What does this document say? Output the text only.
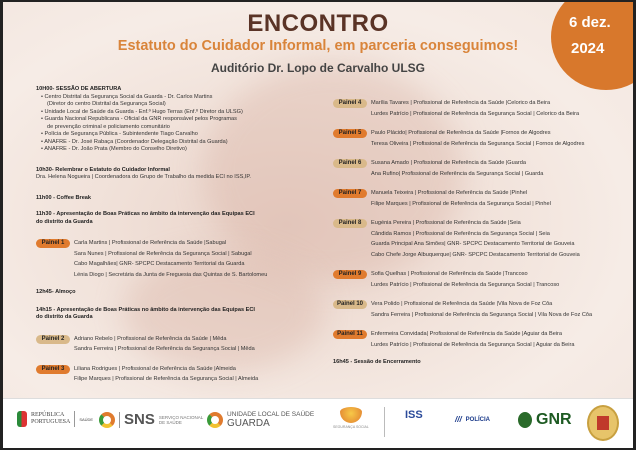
ENCONTRO
Estatuto do Cuidador Informal, em parceria conseguimos!
Auditório Dr. Lopo de Carvalho ULSG
6 dez.
2024
10H00- SESSÃO DE ABERTURA
• Centro Distrital da Segurança Social da Guarda - Dr. Carlos Martins
(Diretor do centro Distrital da Segurança Social)
• Unidade Local de Saúde da Guarda - Enf.º Hugo Terras (Enf.º Diretor da ULSG)
• Guarda Nacional Republicana - Oficial da GNR responsável pelos Programas
de prevenção criminal e policiamento comunitário
• Polícia de Segurança Pública - Subintendente Tiago Carvalho
• ANAFRE - Dr. José Rabaça (Coordenador Delegação Distrital da Guarda)
• ANAFRE - Dr. João Prata (Membro do Conselho Diretivo)
10h30- Relembrar o Estatuto do Cuidador Informal
Dra. Helena Nogueira | Coordenadora do Grupo de Trabalho da medida ECI no ISS,IP.
11h00 - Coffee Break
11h30 - Apresentação de Boas Práticas no âmbito da intervenção das Equipas ECI
do distrito da Guarda
Painel 1	Carla Martins | Profissional de Referência da Saúde |Sabugal
Sara Nunes | Profissional de Referência da Segurança Social | Sabugal
Cabo Magalhães| GNR- SPCPC Destacamento Territorial da Guarda
Lénia Diogo | Secretária da Junta de Freguesia das Quintas de S. Bartolomeu
12h45- Almoço
14h15 - Apresentação de Boas Práticas no âmbito da intervenção das Equipas ECI
do distrito da Guarda
Painel 2	Adriano Rebelo | Profissional de Referência da Saúde | Mêda
Sandra Ferreira | Profissional de Referência da Segurança Social | Mêda
Painel 3	Liliana Rodrigues | Profissional de Referência da Saúde |Almeida
Filipe Marques | Profissional de Referência da Segurança Social | Almeida
Painel 4	Marília Tavares | Profissional de Referência da Saúde |Celorico da Beira
Lurdes Patrício | Profissional de Referência da Segurança Social | Celorico da Beira
Painel 5	Paulo Plácido| Profissional de Referência da Saúde |Fornos de Algodres
Teresa Oliveira | Profissional de Referência da Segurança Social | Fornos de Algodres
Painel 6	Susana Amado | Profissional de Referência da Saúde |Guarda
Ana Rufino| Profissional de Referência da Segurança Social | Guarda
Painel 7	Manuela Teixeira | Profissional de Referência da Saúde |Pinhel
Filipe Marques | Profissional de Referência da Segurança Social | Pinhel
Painel 8	Eugénia Pereira | Profissional de Referência da Saúde |Seia
Cândida Ramos | Profissional de Referência da Segurança Social | Seia
Guarda Principal Ana Simões| GNR- SPCPC Destacamento Territorial de Gouveia
Cabo Chefe Jorge Albuquerque| GNR- SPCPC Destacamento Territorial de Gouveia
Painel 9	Sofia Quelhas | Profissional de Referência da Saúde |Trancoso
Lurdes Patrício | Profissional de Referência da Segurança Social | Trancoso
Painel 10	Vera Polido | Profissional de Referência da Saúde |Vila Nova de Foz Côa
Sandra Ferreira | Profissional de Referência da Segurança Social | Vila Nova de Foz Côa
Painel 11	Enfermeira Convidada| Profissional de Referência da Saúde |Aguiar da Beira
Lurdes Patrício | Profissional de Referência da Segurança Social | Aguiar da Beira
16h45 - Sessão de Encerramento
REPÚBLICA
PORTUGUESA SAÚDE SNS SERVIÇO NACIONAL
DE SAÚDE
UNIDADE LOCAL DE SAÚDE
GUARDA	SEGURANÇA SOCIAL
ISS	/// POLÍCIA	GNR
